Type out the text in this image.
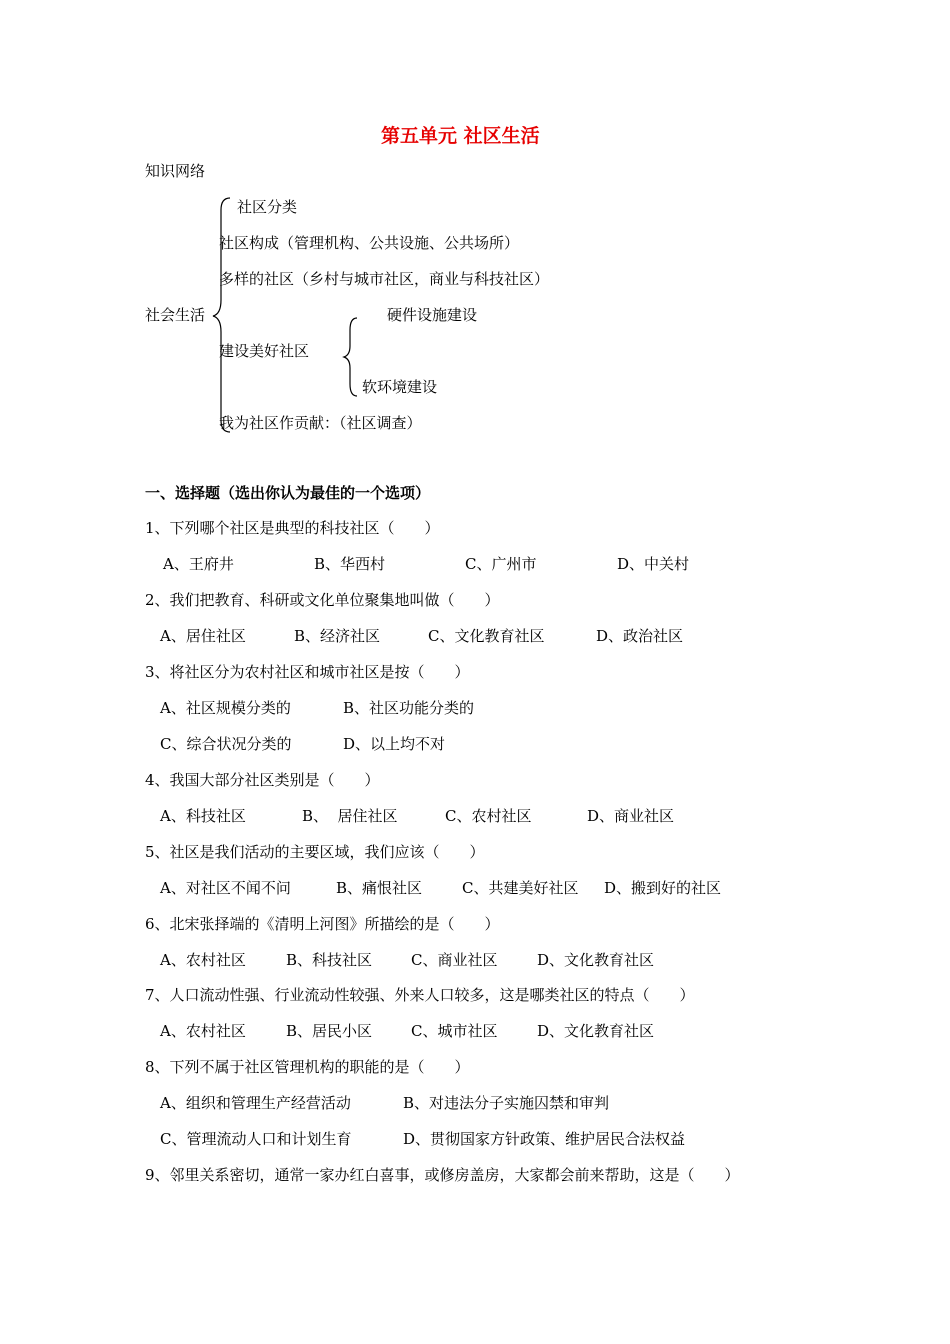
第五单元 社区生活
知识网络
社会生活
社区分类
社区构成（管理机构、公共设施、公共场所）
多样的社区（乡村与城市社区，商业与科技社区）
建设美好社区
我为社区作贡献：（社区调查）
硬件设施建设
软环境建设
一、选择题（选出你认为最佳的一个选项）
1、下列哪个社区是典型的科技社区（　　）
A、王府井	B、华西村	C、广州市	D、中关村
2、我们把教育、科研或文化单位聚集地叫做（　　）
A、居住社区	B、经济社区	C、文化教育社区	D、政治社区
3、将社区分为农村社区和城市社区是按（　　）
A、社区规模分类的	B、社区功能分类的
C、综合状况分类的	D、以上均不对
4、我国大部分社区类别是（　　）
A、科技社区	B、  居住社区	C、农村社区	D、商业社区
5、社区是我们活动的主要区域，我们应该（　　）
A、对社区不闻不问	B、痛恨社区	C、共建美好社区 D、搬到好的社区
6、北宋张择端的《清明上河图》所描绘的是（　　）
A、农村社区	B、科技社区	C、商业社区	D、文化教育社区
7、人口流动性强、行业流动性较强、外来人口较多，这是哪类社区的特点（　　）
A、农村社区	B、居民小区	C、城市社区	D、文化教育社区
8、下列不属于社区管理机构的职能的是（　　）
A、组织和管理生产经营活动	B、对违法分子实施囚禁和审判
C、管理流动人口和计划生育	D、贯彻国家方针政策、维护居民合法权益
9、邻里关系密切，通常一家办红白喜事，或修房盖房，大家都会前来帮助，这是（　　）
